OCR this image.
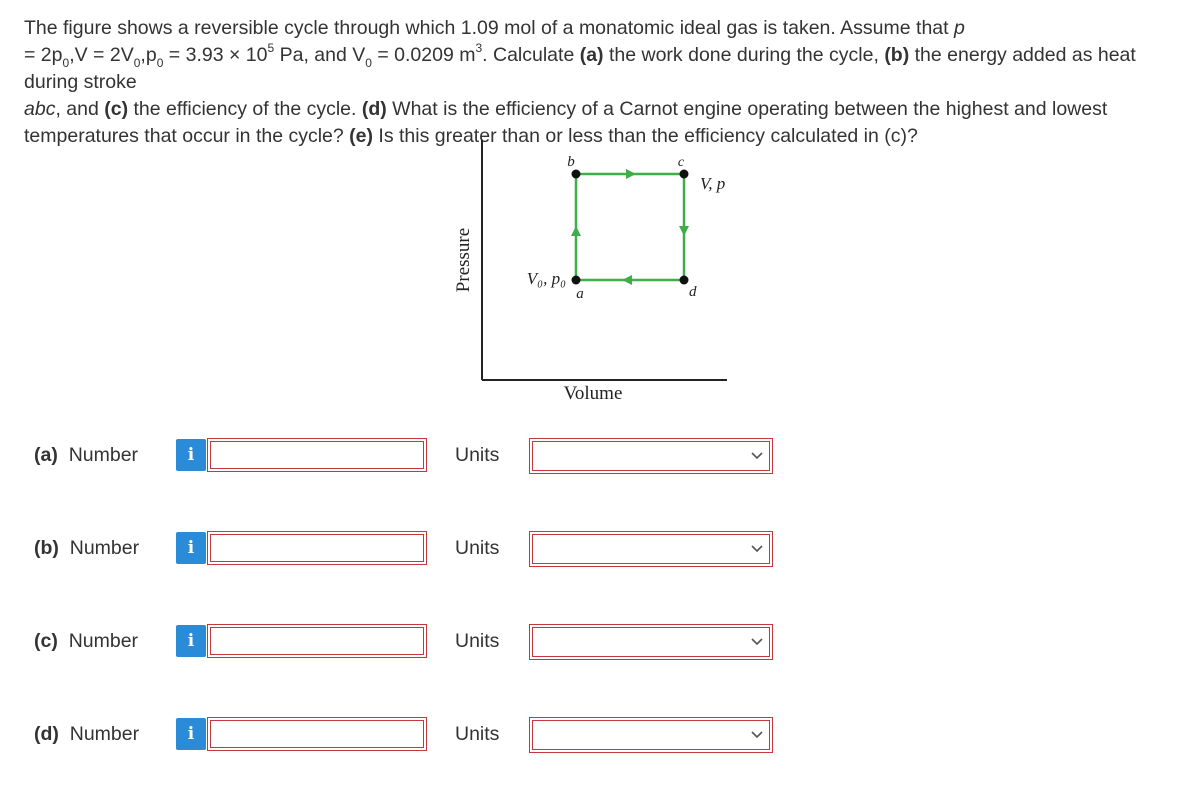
The figure shows a reversible cycle through which 1.09 mol of a monatomic ideal gas is taken. Assume that p
= $2p_0,V = 2V_0,p_0 = 3.93 \times 10^5$ Pa, and $V_0 = 0.0209$ $m^3$. Calculate (a) the work done during the cycle, (b) the energy added as heat during stroke
abc, and (c) the efficiency of the cycle. (d) What is the efficiency of a Carnot engine operating between the highest and lowest temperatures that occur in the cycle? (e) Is this greater than or less than the efficiency calculated in (c)?
Pressure
Volume
b	c
a	d
V₀, p₀
V, p
(a) Number	i	Units
(b) Number	i	Units
(c) Number	i	Units
(d) Number	i	Units
